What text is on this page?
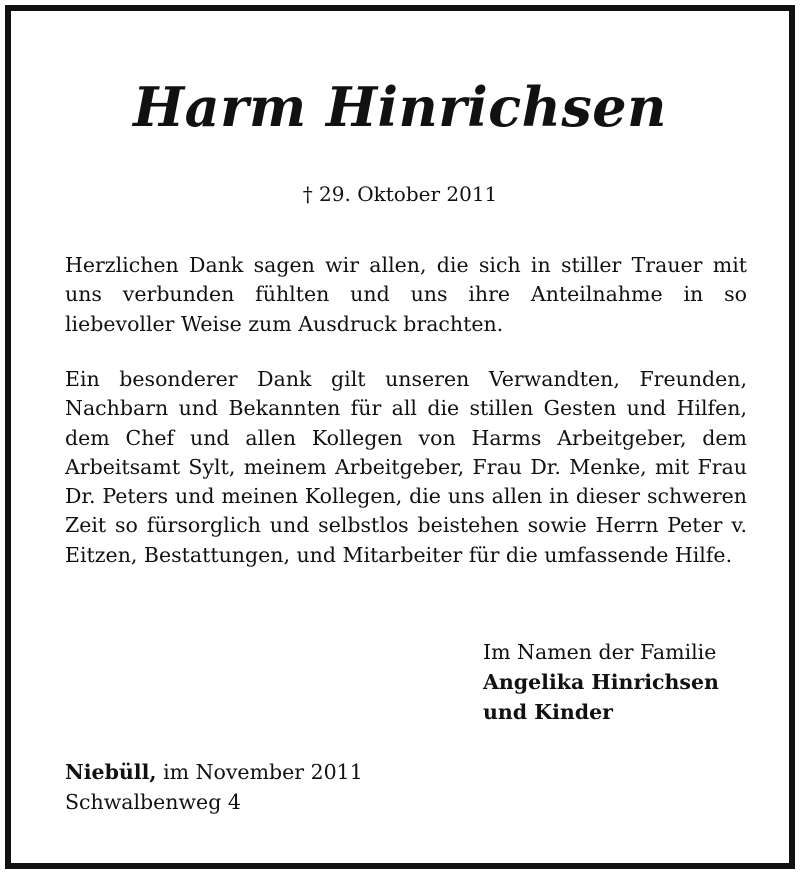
Harm Hinrichsen
† 29. Oktober 2011

Herzlichen Dank sagen wir allen, die sich in stiller Trauer mit uns verbunden fühlten und uns ihre Anteilnahme in so liebevoller Weise zum Ausdruck brachten.

Ein besonderer Dank gilt unseren Verwandten, Freunden, Nachbarn und Bekannten für all die stillen Gesten und Hilfen, dem Chef und allen Kollegen von Harms Arbeitgeber, dem Arbeitsamt Sylt, meinem Arbeitgeber, Frau Dr. Menke, mit Frau Dr. Peters und meinen Kollegen, die uns allen in dieser schweren Zeit so fürsorglich und selbstlos beistehen sowie Herrn Peter v. Eitzen, Bestattungen, und Mitarbeiter für die umfassende Hilfe.

Im Namen der Familie
Angelika Hinrichsen
und Kinder
Niebüll, im November 2011
Schwalbenweg 4
